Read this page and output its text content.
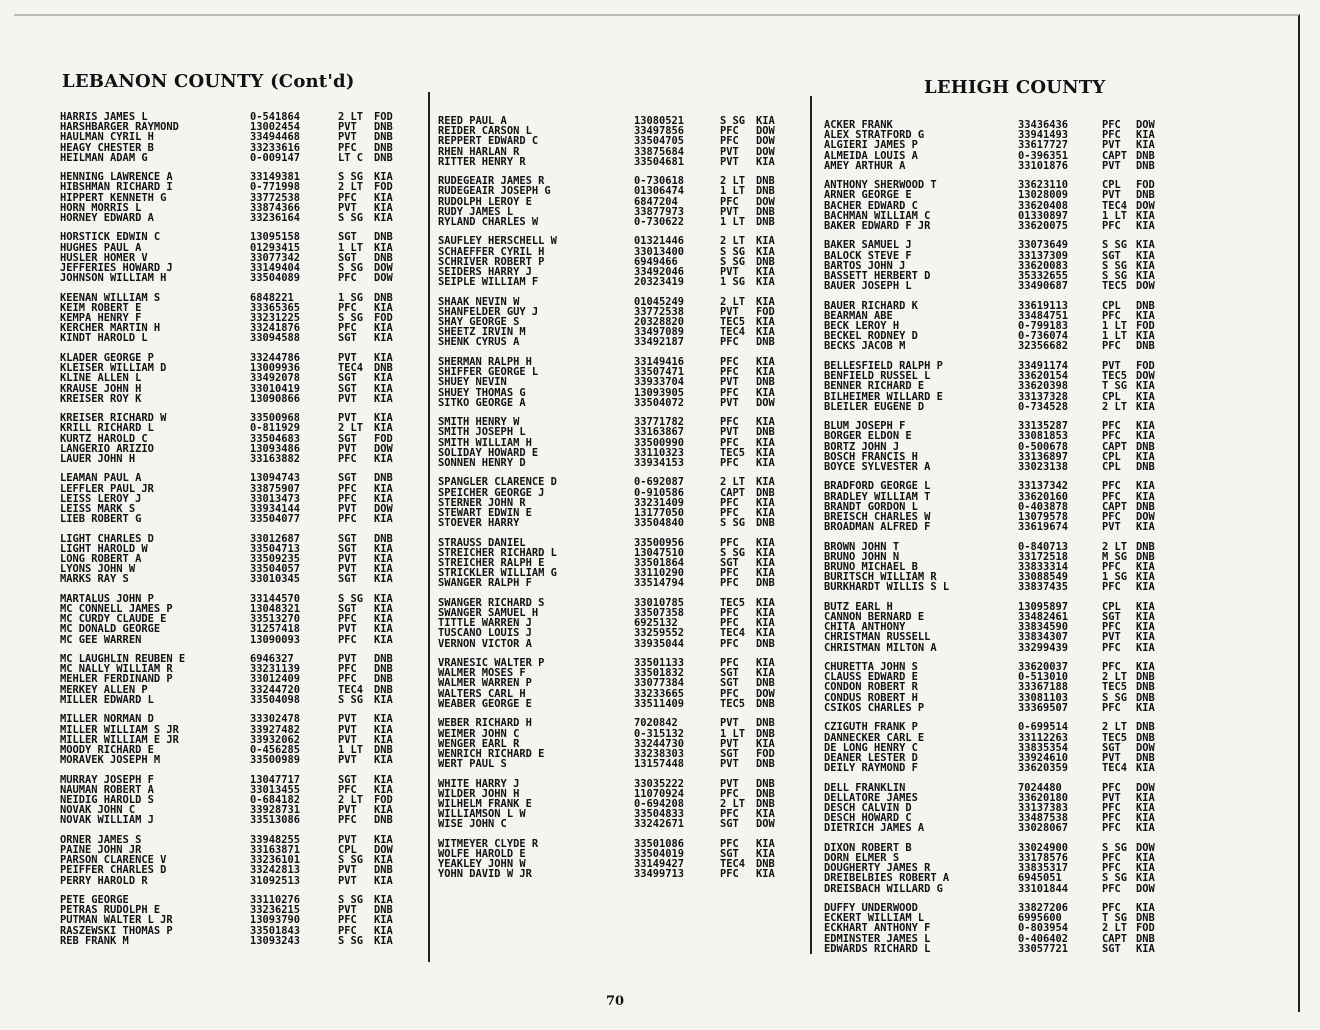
LEBANON COUNTY (Cont'd)	LEHIGH COUNTY
HARRIS JAMES L	0-541864	2 LT FOD
HARSHBARGER RAYMOND	13002454	PVT DNB
HAULMAN CYRIL H	33494468	PVT DNB
HEAGY CHESTER B	33233616	PFC DNB
HEILMAN ADAM G	0-009147	LT C DNB
HENNING LAWRENCE A	33149381	S SG KIA
HIBSHMAN RICHARD I	0-771998	2 LT FOD
HIPPERT KENNETH G	33772538	PFC KIA
HORN MORRIS L	33874366	PVT KIA
HORNEY EDWARD A	33236164	S SG KIA
HORSTICK EDWIN C	13095158	SGT DNB
HUGHES PAUL A	01293415	1 LT KIA
HUSLER HOMER V	33077342	SGT DNB
JEFFERIES HOWARD J	33149404	S SG DOW
JOHNSON WILLIAM H	33504089	PFC DOW
KEENAN WILLIAM S	6848221	1 SG DNB
KEIM ROBERT E	33365365	PFC KIA
KEMPA HENRY F	33231225	S SG FOD
KERCHER MARTIN H	33241876	PFC KIA
KINDT HAROLD L	33094588	SGT KIA
KLADER GEORGE P	33244786	PVT KIA
KLEISER WILLIAM D	13009936	TEC4 DNB
KLINE ALLEN L	33492078	SGT KIA
KRAUSE JOHN H	33010419	SGT KIA
KREISER ROY K	13090866	PVT KIA
KREISER RICHARD W	33500968	PVT KIA
KRILL RICHARD L	0-811929	2 LT KIA
KURTZ HAROLD C	33504683	SGT FOD
LANGERIO ARIZIO	13093486	PVT DOW
LAUER JOHN H	33163882	PFC KIA
LEAMAN PAUL A	13094743	SGT DNB
LEFFLER PAUL JR	33875907	PFC KIA
LEISS LEROY J	33013473	PFC KIA
LEISS MARK S	33934144	PVT DOW
LIEB ROBERT G	33504077	PFC KIA
LIGHT CHARLES D	33012687	SGT DNB
LIGHT HAROLD W	33504713	SGT KIA
LONG ROBERT A	33509235	PVT KIA
LYONS JOHN W	33504057	PVT KIA
MARKS RAY S	33010345	SGT KIA
MARTALUS JOHN P	33144570	S SG KIA
MC CONNELL JAMES P	13048321	SGT KIA
MC CURDY CLAUDE E	33513270	PFC KIA
MC DONALD GEORGE	31257418	PVT KIA
MC GEE WARREN	13090093	PFC KIA
MC LAUGHLIN REUBEN E	6946327	PVT DNB
MC NALLY WILLIAM R	33231139	PFC DNB
MEHLER FERDINAND P	33012409	PFC DNB
MERKEY ALLEN P	33244720	TEC4 DNB
MILLER EDWARD L	33504098	S SG KIA
MILLER NORMAN D	33302478	PVT KIA
MILLER WILLIAM S JR	33927482	PVT KIA
MILLER WILLIAM E JR	33932062	PVT KIA
MOODY RICHARD E	0-456285	1 LT DNB
MORAVEK JOSEPH M	33500989	PVT KIA
MURRAY JOSEPH F	13047717	SGT KIA
NAUMAN ROBERT A	33013455	PFC KIA
NEIDIG HAROLD S	0-684182	2 LT FOD
NOVAK JOHN C	33928731	PVT KIA
NOVAK WILLIAM J	33513086	PFC DNB
ORNER JAMES S	33948255	PVT KIA
PAINE JOHN JR	33163871	CPL DOW
PARSON CLARENCE V	33236101	S SG KIA
PEIFFER CHARLES D	33242813	PVT DNB
PERRY HAROLD R	31092513	PVT KIA
PETE GEORGE	33110276	S SG KIA
PETRAS RUDOLPH E	33236215	PVT DNB
PUTMAN WALTER L JR	13093790	PFC KIA
RASZEWSKI THOMAS P	33501843	PFC KIA
REB FRANK M	13093243	S SG KIA
REED PAUL A	13080521	S SG KIA
REIDER CARSON L	33497856	PFC DOW
REPPERT EDWARD C	33504705	PFC DOW
RHEN HARLAN R	33875684	PVT DOW
RITTER HENRY R	33504681	PVT KIA
RUDEGEAIR JAMES R	0-730618	2 LT DNB
RUDEGEAIR JOSEPH G	01306474	1 LT DNB
RUDOLPH LEROY E	6847204	PFC DOW
RUDY JAMES L	33877973	PVT DNB
RYLAND CHARLES W	0-730622	1 LT DNB
SAUFLEY HERSCHELL W	01321446	2 LT KIA
SCHAEFFER CYRIL H	33013400	S SG KIA
SCHRIVER ROBERT P	6949466	S SG DNB
SEIDERS HARRY J	33492046	PVT KIA
SEIPLE WILLIAM F	20323419	1 SG KIA
SHAAK NEVIN W	01045249	2 LT KIA
SHANFELDER GUY J	33772538	PVT FOD
SHAY GEORGE S	20328820	TEC5 KIA
SHEETZ IRVIN M	33497089	TEC4 KIA
SHENK CYRUS A	33492187	PFC DNB
SHERMAN RALPH H	33149416	PFC KIA
SHIFFER GEORGE L	33507471	PFC KIA
SHUEY NEVIN	33933704	PVT DNB
SHUEY THOMAS G	13093905	PFC KIA
SITKO GEORGE A	33504072	PVT DOW
SMITH HENRY W	33771782	PFC KIA
SMITH JOSEPH L	33163867	PVT DNB
SMITH WILLIAM H	33500990	PFC KIA
SOLIDAY HOWARD E	33110323	TEC5 KIA
SONNEN HENRY D	33934153	PFC KIA
SPANGLER CLARENCE D	0-692087	2 LT KIA
SPEICHER GEORGE J	0-910586	CAPT DNB
STERNER JOHN R	33231409	PFC KIA
STEWART EDWIN E	13177050	PFC KIA
STOEVER HARRY	33504840	S SG DNB
STRAUSS DANIEL	33500956	PFC KIA
STREICHER RICHARD L	13047510	S SG KIA
STREICHER RALPH E	33501864	SGT KIA
STRICKLER WILLIAM G	33110290	PFC KIA
SWANGER RALPH F	33514794	PFC DNB
SWANGER RICHARD S	33010785	TEC5 KIA
SWANGER SAMUEL H	33507358	PFC KIA
TITTLE WARREN J	6925132	PFC KIA
TUSCANO LOUIS J	33259552	TEC4 KIA
VERNON VICTOR A	33935044	PFC DNB
VRANESIC WALTER P	33501133	PFC KIA
WALMER MOSES F	33501832	SGT KIA
WALMER WARREN P	33077384	SGT DNB
WALTERS CARL H	33233665	PFC DOW
WEABER GEORGE E	33511409	TEC5 DNB
WEBER RICHARD H	7020842	PVT DNB
WEIMER JOHN C	0-315132	1 LT DNB
WENGER EARL R	33244730	PVT KIA
WENRICH RICHARD E	33238303	SGT FOD
WERT PAUL S	13157448	PVT DNB
WHITE HARRY J	33035222	PVT DNB
WILDER JOHN H	11070924	PFC DNB
WILHELM FRANK E	0-694208	2 LT DNB
WILLIAMSON L W	33504833	PFC KIA
WISE JOHN C	33242671	SGT DOW
WITMEYER CLYDE R	33501086	PFC KIA
WOLFE HAROLD E	33504019	SGT KIA
YEAKLEY JOHN W	33149427	TEC4 DNB
YOHN DAVID W JR	33499713	PFC KIA
ACKER FRANK	33436436	PFC DOW
ALEX STRATFORD G	33941493	PFC KIA
ALGIERI JAMES P	33617727	PVT KIA
ALMEIDA LOUIS A	0-396351	CAPT DNB
AMEY ARTHUR A	33101876	PVT DNB
ANTHONY SHERWOOD T	33623110	CPL FOD
ARNER GEORGE E	13028009	PVT DNB
BACHER EDWARD C	33620408	TEC4 DOW
BACHMAN WILLIAM C	01330897	1 LT KIA
BAKER EDWARD F JR	33620075	PFC KIA
BAKER SAMUEL J	33073649	S SG KIA
BALOCK STEVE F	33137309	SGT KIA
BARTOS JOHN J	33620083	S SG KIA
BASSETT HERBERT D	35332655	S SG KIA
BAUER JOSEPH L	33490687	TEC5 DOW
BAUER RICHARD K	33619113	CPL DNB
BEARMAN ABE	33484751	PFC KIA
BECK LEROY H	0-799183	1 LT FOD
BECKEL RODNEY D	0-736074	1 LT KIA
BECKS JACOB M	32356682	PFC DNB
BELLESFIELD RALPH P	33491174	PVT FOD
BENFIELD RUSSEL L	33620154	TEC5 DOW
BENNER RICHARD E	33620398	T SG KIA
BILHEIMER WILLARD E	33137328	CPL KIA
BLEILER EUGENE D	0-734528	2 LT KIA
BLUM JOSEPH F	33135287	PFC KIA
BORGER ELDON E	33081853	PFC KIA
BORTZ JOHN J	0-500678	CAPT DNB
BOSCH FRANCIS H	33136897	CPL KIA
BOYCE SYLVESTER A	33023138	CPL DNB
BRADFORD GEORGE L	33137342	PFC KIA
BRADLEY WILLIAM T	33620160	PFC KIA
BRANDT GORDON L	0-403878	CAPT DNB
BREISCH CHARLES W	13079578	PFC DOW
BROADMAN ALFRED F	33619674	PVT KIA
BROWN JOHN T	0-840713	2 LT DNB
BRUNO JOHN N	33172518	M SG DNB
BRUNO MICHAEL B	33833314	PFC KIA
BURITSCH WILLIAM R	33088549	1 SG KIA
BURKHARDT WILLIS S L	33837435	PFC KIA
BUTZ EARL H	13095897	CPL KIA
CANNON BERNARD E	33482461	SGT KIA
CHITA ANTHONY	33834590	PFC KIA
CHRISTMAN RUSSELL	33834307	PVT KIA
CHRISTMAN MILTON A	33299439	PFC KIA
CHURETTA JOHN S	33620037	PFC KIA
CLAUSS EDWARD E	0-513010	2 LT DNB
CONDON ROBERT R	33367188	TEC5 DNB
CONDUS ROBERT H	33081103	S SG DNB
CSIKOS CHARLES P	33369507	PFC KIA
CZIGUTH FRANK P	0-699514	2 LT DNB
DANNECKER CARL E	33112263	TEC5 DNB
DE LONG HENRY C	33835354	SGT DOW
DEANER LESTER D	33924610	PVT DNB
DEILY RAYMOND F	33620359	TEC4 KIA
DELL FRANKLIN	7024480	PFC DOW
DELLATORE JAMES	33620180	PVT KIA
DESCH CALVIN D	33137383	PFC KIA
DESCH HOWARD C	33487538	PFC KIA
DIETRICH JAMES A	33028067	PFC KIA
DIXON ROBERT B	33024900	S SG DOW
DORN ELMER S	33178576	PFC KIA
DOUGHERTY JAMES R	33835317	PFC KIA
DREIBELBIES ROBERT A	6945051	S SG KIA
DREISBACH WILLARD G	33101844	PFC DOW
DUFFY UNDERWOOD	33827206	PFC KIA
ECKERT WILLIAM L	6995600	T SG DNB
ECKHART ANTHONY F	0-803954	2 LT FOD
EDMINSTER JAMES L	0-406402	CAPT DNB
EDWARDS RICHARD L	33057721	SGT KIA
70
